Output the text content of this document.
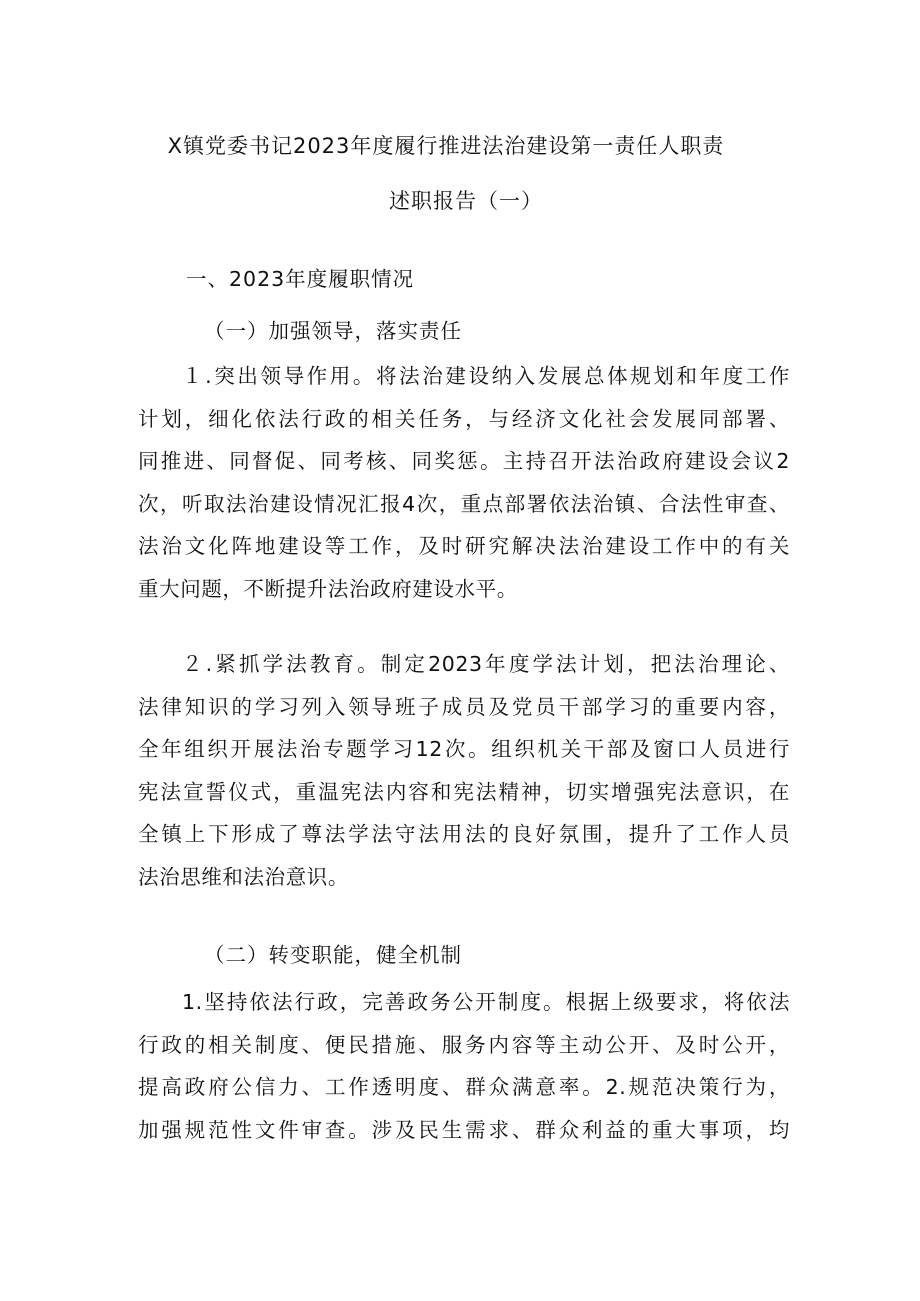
X镇党委书记2023年度履行推进法治建设第一责任人职责
述职报告（一）
一、2023年度履职情况
（一）加强领导，落实责任
１.突出领导作用。将法治建设纳入发展总体规划和年度工作
计划，细化依法行政的相关任务，与经济文化社会发展同部署、
同推进、同督促、同考核、同奖惩。主持召开法治政府建设会议2
次，听取法治建设情况汇报4次，重点部署依法治镇、合法性审查、
法治文化阵地建设等工作，及时研究解决法治建设工作中的有关
重大问题，不断提升法治政府建设水平。
２.紧抓学法教育。制定2023年度学法计划，把法治理论、
法律知识的学习列入领导班子成员及党员干部学习的重要内容，
全年组织开展法治专题学习12次。组织机关干部及窗口人员进行
宪法宣誓仪式，重温宪法内容和宪法精神，切实增强宪法意识，在
全镇上下形成了尊法学法守法用法的良好氛围，提升了工作人员
法治思维和法治意识。
（二）转变职能，健全机制
1.坚持依法行政，完善政务公开制度。根据上级要求，将依法
行政的相关制度、便民措施、服务内容等主动公开、及时公开，
提高政府公信力、工作透明度、群众满意率。2.规范决策行为，
加强规范性文件审查。涉及民生需求、群众利益的重大事项，均
